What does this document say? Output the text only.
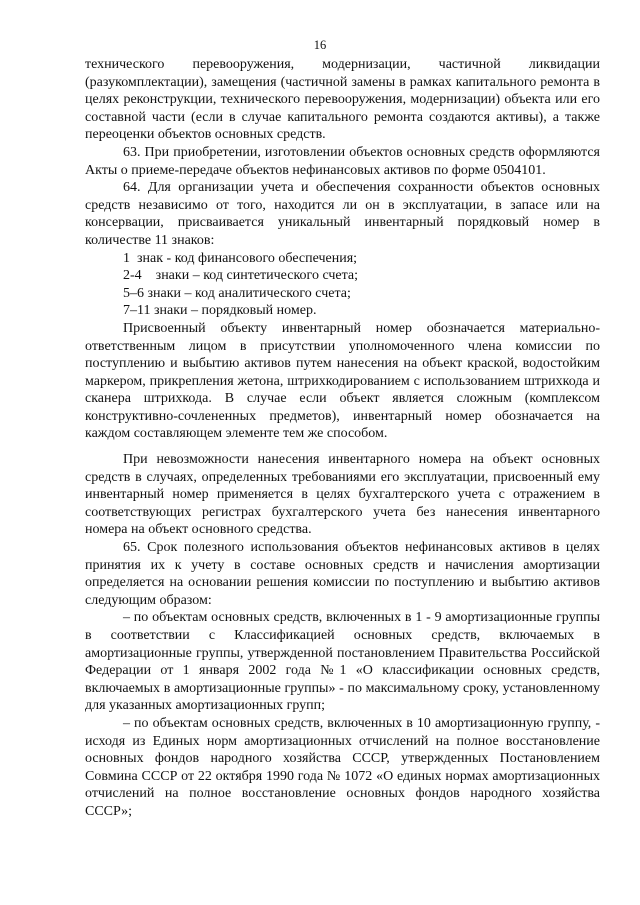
16

технического перевооружения, модернизации, частичной ликвидации (разукомплектации), замещения (частичной замены в рамках капитального ремонта в целях реконструкции, технического перевооружения, модернизации) объекта или его составной части (если в случае капитального ремонта создаются активы), а также переоценки объектов основных средств.

63. При приобретении, изготовлении объектов основных средств оформляются Акты о приеме-передаче объектов нефинансовых активов по форме 0504101.

64. Для организации учета и обеспечения сохранности объектов основных средств независимо от того, находится ли он в эксплуатации, в запасе или на консервации, присваивается уникальный инвентарный порядковый номер в количестве 11 знаков:

1  знак - код финансового обеспечения;

2-4    знаки – код синтетического счета;

5–6 знаки – код аналитического счета;

7–11 знаки – порядковый номер.

Присвоенный объекту инвентарный номер обозначается материально-ответственным лицом в присутствии уполномоченного члена комиссии по поступлению и выбытию активов путем нанесения на объект краской, водостойким маркером, прикрепления жетона, штрихкодированием с использованием штрихкода и сканера штрихкода. В случае если объект является сложным (комплексом конструктивно-сочлененных предметов), инвентарный номер обозначается на каждом составляющем элементе тем же способом.

При невозможности нанесения инвентарного номера на объект основных средств в случаях, определенных требованиями его эксплуатации, присвоенный ему инвентарный номер применяется в целях бухгалтерского учета с отражением в соответствующих регистрах бухгалтерского учета без нанесения инвентарного номера на объект основного средства.

65. Срок полезного использования объектов нефинансовых активов в целях принятия их к учету в составе основных средств и начисления амортизации определяется на основании решения комиссии по поступлению и выбытию активов следующим образом:

– по объектам основных средств, включенных в 1 - 9 амортизационные группы в соответствии с Классификацией основных средств, включаемых в амортизационные группы, утвержденной постановлением Правительства Российской Федерации от 1 января 2002 года №1 «О классификации основных средств, включаемых в амортизационные группы» - по максимальному сроку, установленному для указанных амортизационных групп;

– по объектам основных средств, включенных в 10 амортизационную группу, - исходя из Единых норм амортизационных отчислений на полное восстановление основных фондов народного хозяйства СССР, утвержденных Постановлением Совмина СССР от 22 октября 1990 года № 1072 «О единых нормах амортизационных отчислений на полное восстановление основных фондов народного хозяйства СССР»;
